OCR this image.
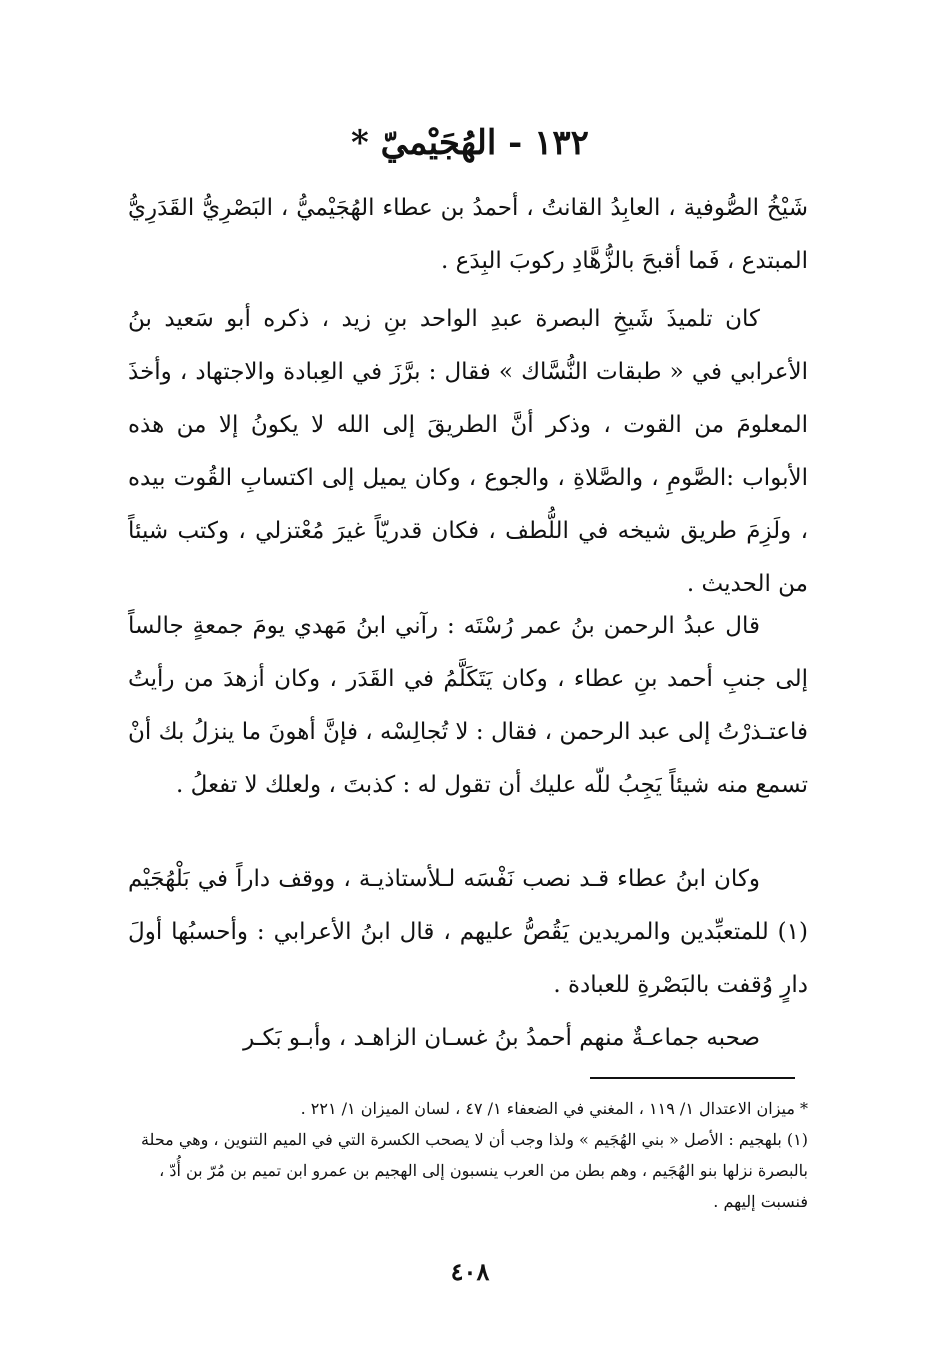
١٣٢ - الهُجَيْميّ *

شَيْخُ الصُّوفية ، العابِدُ القانتُ ، أحمدُ بن عطاء الهُجَيْميُّ ، البَصْرِيُّ القَدَرِيُّ المبتدع ، فَما أقبحَ بالزُّهَّادِ ركوبَ البِدَع .

كان تلميذَ شَيخِ البصرة عبدِ الواحد بنِ زيد ، ذكره أبو سَعيد بنُ الأعرابي في « طبقات النُّسَّاك » فقال : برَّزَ في العِبادة والاجتهاد ، وأخذَ المعلومَ من القوت ، وذكر أنَّ الطريقَ إلى الله لا يكونُ إلا من هذه الأبواب :الصَّومِ ، والصَّلاةِ ، والجوع ، وكان يميل إلى اكتسابِ القُوت بيده ، ولَزِمَ طريق شيخه في اللُّطف ، فكان قدريّاً غيرَ مُعْتزلي ، وكتب شيئاً من الحديث .

قال عبدُ الرحمن بنُ عمر رُسْتَه : رآني ابنُ مَهدي يومَ جمعةٍ جالساً إلى جنبِ أحمد بنِ عطاء ، وكان يَتَكَلَّمُ في القَدَر ، وكان أزهدَ من رأيتُ فاعتـذرْتُ إلى عبد الرحمن ، فقال : لا تُجالِسْه ، فإنَّ أهونَ ما ينزلُ بك أنْ تسمع منه شيئاً يَجِبُ للّه عليك أن تقول له : كذبتَ ، ولعلك لا تفعلُ .

وكان ابنُ عطاء قـد نصب نَفْسَه لـلأستاذيـة ، ووقف داراً في بَلْهُجَيْم (١) للمتعبِّدين والمريدين يَقُصُّ عليهم ، قال ابنُ الأعرابي : وأحسبُها أولَ دارٍ وُقفت بالبَصْرةِ للعبادة .

صحبه جماعـةٌ منهم أحمدُ بنُ غسـان الزاهـد ، وأبـو بَكـر

* ميزان الاعتدال ١/ ١١٩ ، المغني في الضعفاء ١/ ٤٧ ، لسان الميزان ١/ ٢٢١ .

(١) بلهجيم : الأصل « بني الهُجَيم » ولذا وجب أن لا يصحب الكسرة التي في الميم التنوين ، وهي محلة بالبصرة نزلها بنو الهُجَيم ، وهم بطن من العرب ينسبون إلى الهجيم بن عمرو ابن تميم بن مُرّ بن أُدّ ، فنسبت إليهم .

٤٠٨
